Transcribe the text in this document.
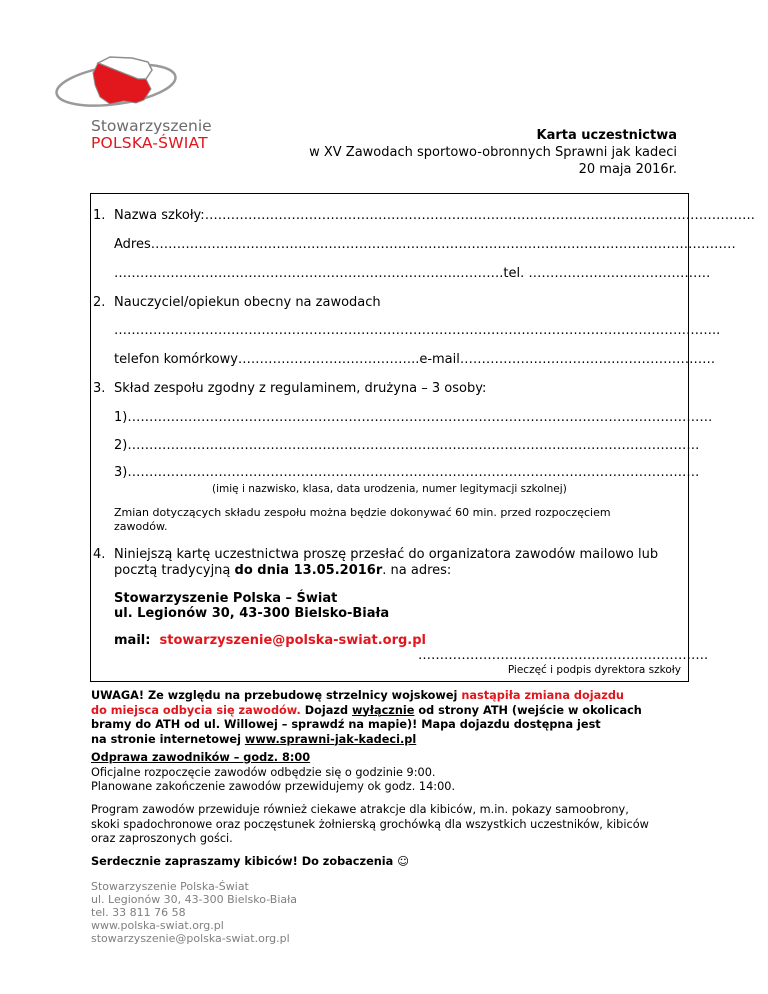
Stowarzyszenie
POLSKA-ŚWIAT	Karta uczestnictwa
w XV Zawodach sportowo-obronnych Sprawni jak kadeci
20 maja 2016r.
1. Nazwa szkoły:……………………………………………………………………………………………………………….
Adres………………………………………………………………………………………………………………………
……………………………………………………………………..……….tel. ……………………………………
2. Nauczyciel/opiekun obecny na zawodach
…………………………………………………………………………………………………………………………..
telefon komórkowy…………………….……………..e-mail……………………………..……………………
3. Skład zespołu zgodny z regulaminem, drużyna – 3 osoby:
1)………………………………………………………………………………………………………………………
2)……………………………………………………………………………………………………………………
3)……………………………………………………………………………………………………………………
(imię i nazwisko, klasa, data urodzenia, numer legitymacji szkolnej)
Zmian dotyczących składu zespołu można będzie dokonywać 60 min. przed rozpoczęciem
zawodów.
4. Niniejszą kartę uczestnictwa proszę przesłać do organizatora zawodów mailowo lub
pocztą tradycyjną do dnia 13.05.2016r. na adres:
Stowarzyszenie Polska – Świat
ul. Legionów 30, 43-300 Bielsko-Biała
mail: stowarzyszenie@polska-swiat.org.pl
………………………………………………………….
Pieczęć i podpis dyrektora szkoły
UWAGA! Ze względu na przebudowę strzelnicy wojskowej nastąpiła zmiana dojazdu
do miejsca odbycia się zawodów. Dojazd wyłącznie od strony ATH (wejście w okolicach
bramy do ATH od ul. Willowej – sprawdź na mapie)! Mapa dojazdu dostępna jest
na stronie internetowej www.sprawni-jak-kadeci.pl
Odprawa zawodników – godz. 8:00
Oficjalne rozpoczęcie zawodów odbędzie się o godzinie 9:00.
Planowane zakończenie zawodów przewidujemy ok godz. 14:00.
Program zawodów przewiduje również ciekawe atrakcje dla kibiców, m.in. pokazy samoobrony,
skoki spadochronowe oraz poczęstunek żołnierską grochówką dla wszystkich uczestników, kibiców
oraz zaproszonych gości.
Serdecznie zapraszamy kibiców! Do zobaczenia ☺
Stowarzyszenie Polska-Świat
ul. Legionów 30, 43-300 Bielsko-Biała
tel. 33 811 76 58
www.polska-swiat.org.pl
stowarzyszenie@polska-swiat.org.pl
